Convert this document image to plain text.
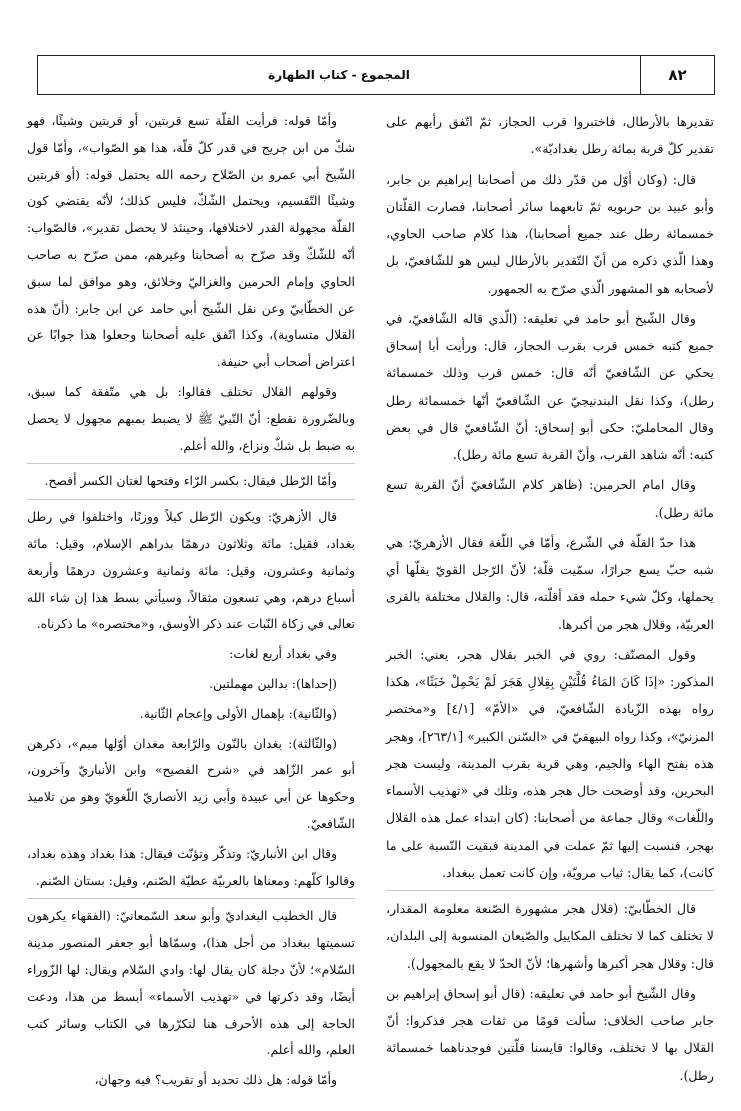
٨٢
المجموع - كتاب الطهارة

تقديرها بالأرطال، فاختبروا قرب الحجاز، ثمّ اتّفق رأيهم على تقدير كلّ قربة بمائة رطل بغداديّة».

قال: (وكان أوّل من قدّر ذلك من أصحابنا إبراهيم بن جابر، وأبو عبيد بن حربويه ثمّ تابعهما سائر أصحابنا، فصارت القلّتان خمسمائة رطل عند جميع أصحابنا)، هذا كلام صاحب الحاوي، وهذا الّذي ذكره من أنّ التّقدير بالأرطال ليس هو للشّافعيّ، بل لأصحابه هو المشهور الّذي صرّح به الجمهور.

وقال الشّيخ أبو حامد في تعليقه: (الّذي قاله الشّافعيّ، في جميع كتبه خمس قرب بقرب الحجاز، قال: ورأيت أبا إسحاق يحكي عن الشّافعيّ أنّه قال: خمس قرب وذلك خمسمائة رطل)، وكذا نقل البندنيجيّ عن الشّافعيّ أنّها خمسمائة رطل وقال المحامليّ: حكى أبو إسحاق: أنّ الشّافعيّ قال في بعض كتبه: أنّه شاهد القرب، وأنّ القربة تسع مائة رطل).

وقال امام الحرمين: (ظاهر كلام الشّافعيّ أنّ القربة تسع مائة رطل).

هذا حدّ القلّة في الشّرع، وأمّا في اللّغة فقال الأزهريّ: هي شبه حبّ يسع جرارًا، سمّيت قلّة؛ لأنّ الرّجل القويّ يقلّها أي يحملها، وكلّ شيء حمله فقد أقلّته، قال: والقلال مختلفة بالقرى العربيّة، وقلال هجر من أكبرها.

وقول المصنّف: روي في الخبر بقلال هجر، يعني: الخبر المذكور: «إذَا كَانَ المَاءُ قُلَّتَيْنِ بِقِلالِ هَجَرَ لَمْ يَحْمِلْ خَبَثًا»، هكذا رواه بهذه الزّيادة الشّافعيّ، في «الأمّ» [٤/١] و«مختصر المزنيّ»، وكذا رواه البيهقيّ في «السّنن الكبير» [٢٦٣/١]، وهجر هذه بفتح الهاء والجيم، وهي قرية بقرب المدينة، وليست هجر البحرين، وقد أوضحت حال هجر هذه، وتلك في «تهذيب الأسماء واللّغات» وقال جماعة من أصحابنا: (كان ابتداء عمل هذه القلال بهجر، فنسبت إليها ثمّ عملت في المدينة فبقيت النّسبة على ما كانت)، كما يقال: ثياب مرويّة، وإن كانت تعمل ببغداد.

قال الخطّابيّ: (قلال هجر مشهورة الصّنعة معلومة المقدار، لا تختلف كما لا تختلف المكاييل والصّيعان المنسوبة إلى البلدان، قال: وقلال هجر أكبرها وأشهرها؛ لأنّ الحدّ لا يقع بالمجهول).

وقال الشّيخ أبو حامد في تعليقه: (قال أبو إسحاق إبراهيم بن جابر صاحب الخلاف: سألت قومًا من ثقات هجر فذكروا: أنّ القلال بها لا تختلف، وقالوا: قايسنا قلّتين فوجدناهما خمسمائة رطل).

وأمّا قوله: فرأيت القلّة تسع قربتين، أو قربتين وشيئًا، فهو شكّ من ابن جريج في قدر كلّ قلّة، هذا هو الصّواب»، وأمّا قول الشّيخ أبي عمرو بن الصّلاح رحمه الله يحتمل قوله: (أو قربتين وشيئًا التّقسيم، ويحتمل الشّكّ، فليس كذلك؛ لأنّه يقتضي كون القلّة مجهولة القدر لاختلافها، وحينئذ لا يحصل تقدير»، فالصّواب: أنّه للشّكّ وقد صرّح به أصحابنا وغيرهم، ممن صرّح به صاحب الحاوي وإمام الحرمين والغزاليّ وخلائق، وهو موافق لما سبق عن الخطّابيّ وعن نقل الشّيخ أبي حامد عن ابن جابر: (أنّ هذه القلال متساوية)، وكذا اتّفق عليه أصحابنا وجعلوا هذا جوابًا عن اعتراض أصحاب أبي حنيفة.

وقولهم القلال تختلف فقالوا: بل هي متّفقة كما سبق، وبالضّرورة نقطع: أنّ النّبيّ ﷺ لا يضبط بمبهم مجهول لا يحصل به ضبط بل شكّ ونزاع، والله أعلم.

وأمّا الرّطل فيقال: بكسر الرّاء وفتحها لغتان الكسر أفصح.

قال الأزهريّ: ويكون الرّطل كيلاً ووزنًا، واختلفوا في رطل بغداد، فقيل: مائة وثلاثون درهمًا بدراهم الإسلام، وقيل: مائة وثمانية وعشرون، وقيل: مائة وثمانية وعشرون درهمًا وأربعة أسباع درهم، وهي تسعون مثقالاً، وسيأتي بسط هذا إن شاء الله تعالى في زكاة النّبات عند ذكر الأوسق، و«مختصره» ما ذكرناه.

وفي بغداد أربع لغات:

(إحداها): بدالين مهملتين.

(والثّانية): بإهمال الأولى وإعجام الثّانية.

(والثّالثة): بغدان بالنّون والرّابعة مغدان أوّلها ميم»، ذكرهن أبو عمر الزّاهد في «شرح الفصيح» وابن الأنباريّ وآخرون، وحكوها عن أبي عبيدة وأبي زيد الأنصاريّ اللّغويّ وهو من تلاميذ الشّافعيّ.

وقال ابن الأنباريّ: وتذكّر وتؤنّث فيقال: هذا بغداد وهذه بغداد، وقالوا كلّهم: ومعناها بالعربيّة عطيّة الصّنم، وقيل: بستان الصّنم.

قال الخطيب البغداديّ وأبو سعد السّمعانيّ: (الفقهاء يكرهون تسميتها ببغداد من أجل هذا)، وسمّاها أبو جعفر المنصور مدينة السّلام»؛ لأنّ دجلة كان يقال لها: وادي السّلام ويقال: لها الزّوراء أيضًا، وقد ذكرتها في «تهذيب الأسماء» أبسط من هذا، ودعت الحاجة إلى هذه الأحرف هنا لتكرّرها في الكتاب وسائر كتب العلم، والله أعلم.

وأمّا قوله: هل ذلك تحديد أو تقريب؟ فيه وجهان،
